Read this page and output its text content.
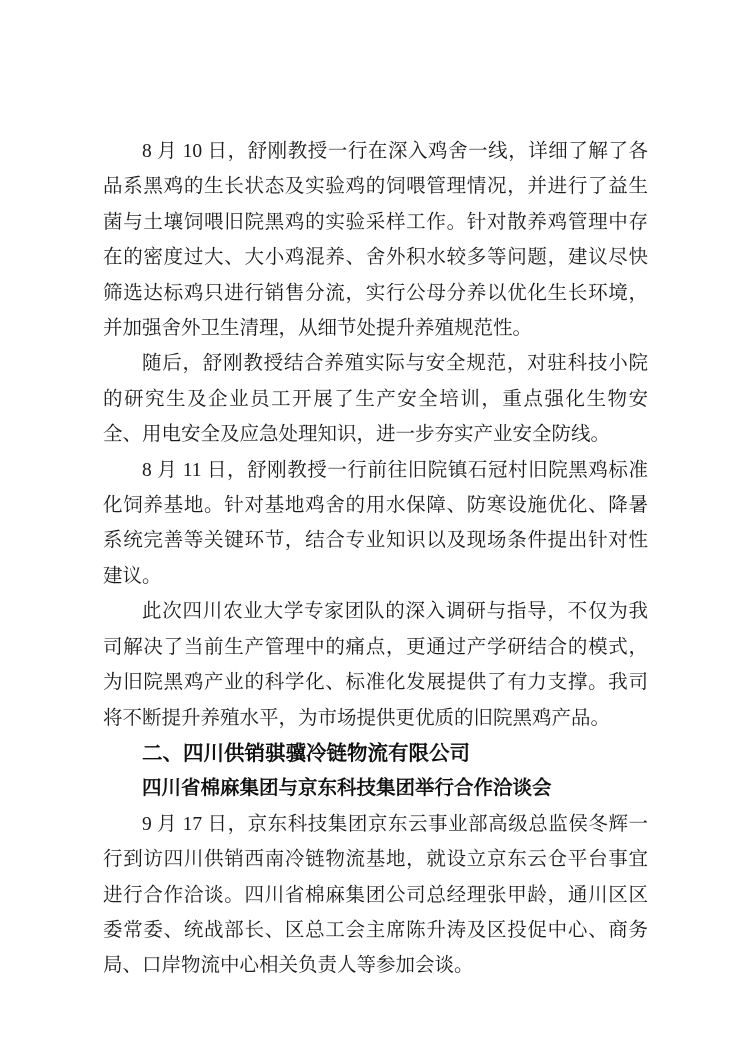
8 月 10 日，舒刚教授一行在深入鸡舍一线，详细了解了各品系黑鸡的生长状态及实验鸡的饲喂管理情况，并进行了益生菌与土壤饲喂旧院黑鸡的实验采样工作。针对散养鸡管理中存在的密度过大、大小鸡混养、舍外积水较多等问题，建议尽快筛选达标鸡只进行销售分流，实行公母分养以优化生长环境，并加强舍外卫生清理，从细节处提升养殖规范性。

随后，舒刚教授结合养殖实际与安全规范，对驻科技小院的研究生及企业员工开展了生产安全培训，重点强化生物安全、用电安全及应急处理知识，进一步夯实产业安全防线。

8 月 11 日，舒刚教授一行前往旧院镇石冠村旧院黑鸡标准化饲养基地。针对基地鸡舍的用水保障、防寒设施优化、降暑系统完善等关键环节，结合专业知识以及现场条件提出针对性建议。

此次四川农业大学专家团队的深入调研与指导，不仅为我司解决了当前生产管理中的痛点，更通过产学研结合的模式，为旧院黑鸡产业的科学化、标准化发展提供了有力支撑。我司将不断提升养殖水平，为市场提供更优质的旧院黑鸡产品。

二、四川供销骐骥冷链物流有限公司
四川省棉麻集团与京东科技集团举行合作洽谈会

9 月 17 日，京东科技集团京东云事业部高级总监侯冬辉一行到访四川供销西南冷链物流基地，就设立京东云仓平台事宜进行合作洽谈。四川省棉麻集团公司总经理张甲龄，通川区区委常委、统战部长、区总工会主席陈升涛及区投促中心、商务局、口岸物流中心相关负责人等参加会谈。
